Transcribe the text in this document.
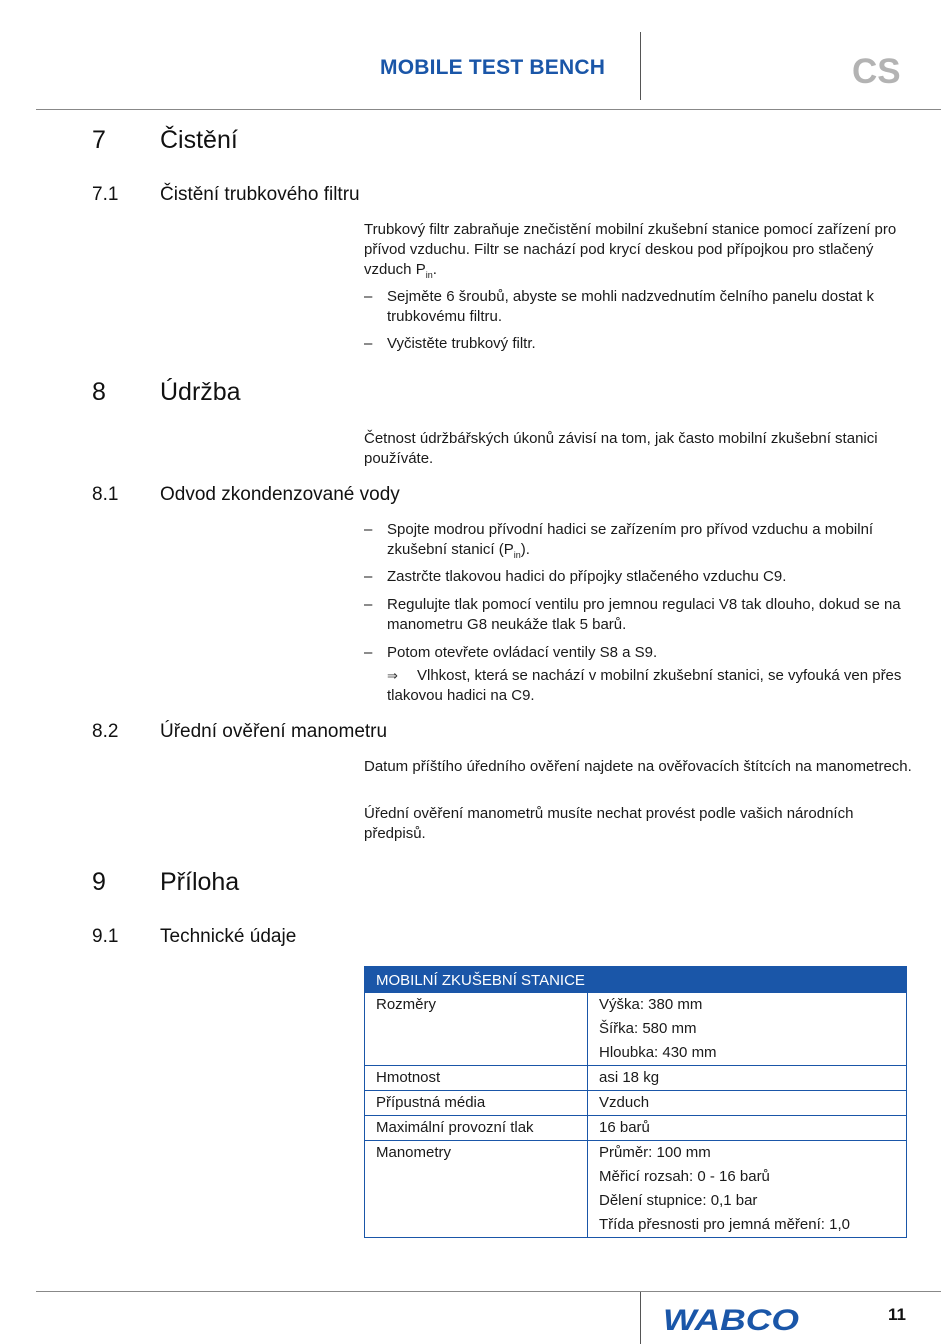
MOBILE TEST BENCH	CS
7 Čistění
7.1 Čistění trubkového filtru

Trubkový filtr zabraňuje znečistění mobilní zkušební stanice pomocí zařízení pro přívod vzduchu. Filtr se nachází pod krycí deskou pod přípojkou pro stlačený vzduch $P_{in}$.

– Sejměte 6 šroubů, abyste se mohli nadzvednutím čelního panelu dostat k trubkovému filtru.
– Vyčistěte trubkový filtr.
8 Údržba
Četnost údržbářských úkonů závisí na tom, jak často mobilní zkušební stanici používáte.
8.1 Odvod zkondenzované vody
– Spojte modrou přívodní hadici se zařízením pro přívod vzduchu a mobilní zkušební stanicí $(P_{in})$.
– Zastrčte tlakovou hadici do přípojky stlačeného vzduchu C9.
– Regulujte tlak pomocí ventilu pro jemnou regulaci V8 tak dlouho, dokud se na manometru G8 neukáže tlak 5 barů.
– Potom otevřete ovládací ventily S8 a S9.
⇒ Vlhkost, která se nachází v mobilní zkušební stanici, se vyfouká ven přes tlakovou hadici na C9.
8.2 Úřední ověření manometru
Datum příštího úředního ověření najdete na ověřovacích štítcích na manometrech.
Úřední ověření manometrů musíte nechat provést podle vašich národních předpisů.
9 Příloha
9.1 Technické údaje
MOBILNÍ ZKUŠEBNÍ STANICE	

Rozměry	Výška: 380 mm
Šířka: 580 mm
Hloubka: 430 mm

Hmotnost	asi 18 kg

Přípustná média	Vzduch

Maximální provozní tlak	16 barů

Manometry	Průměr: 100 mm
Měřicí rozsah: 0 - 16 barů
Dělení stupnice: 0,1 bar
Třída přesnosti pro jemná měření: 1,0
WABCO	11
